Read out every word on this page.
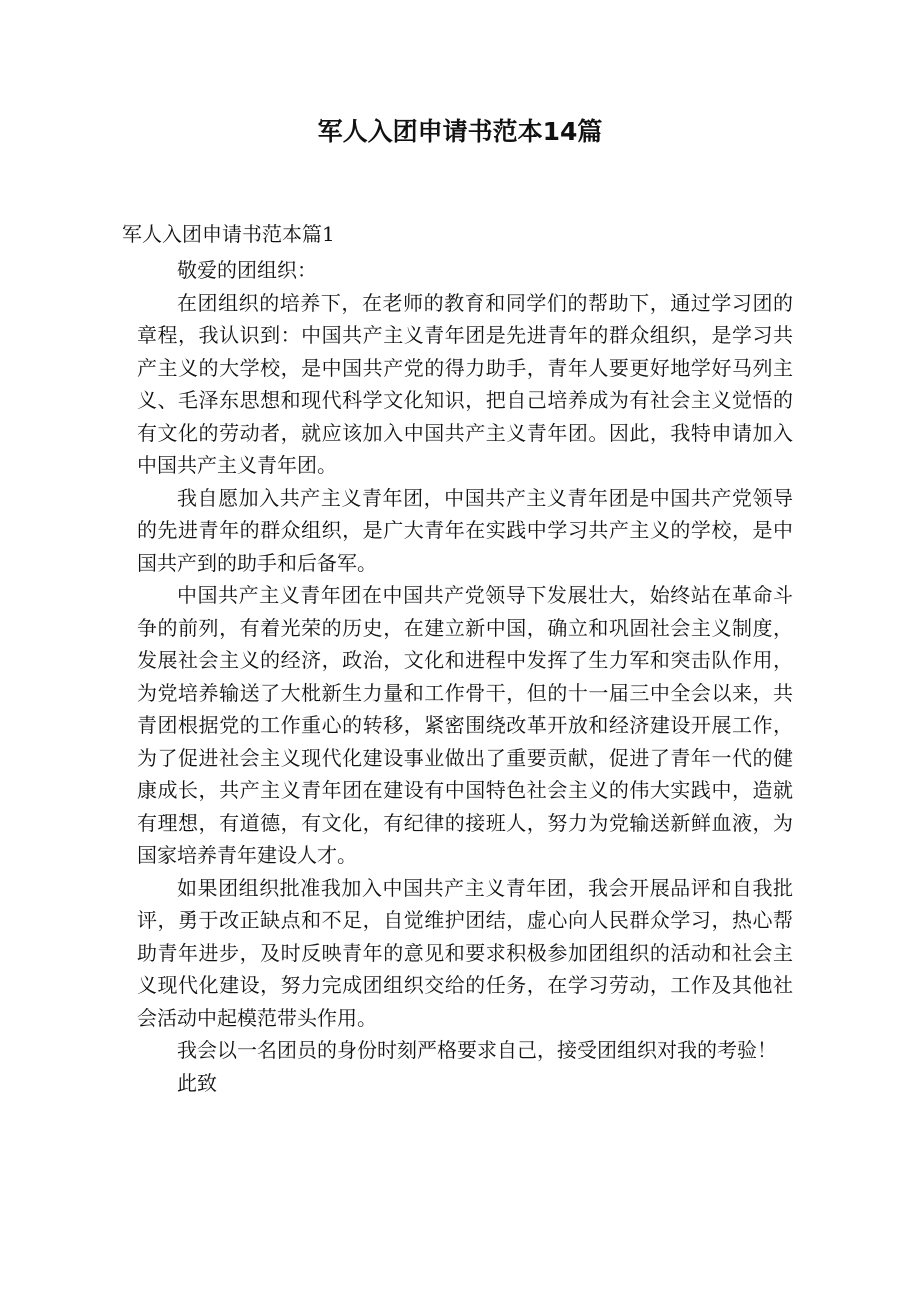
军人入团申请书范本14篇
军人入团申请书范本篇1

敬爱的团组织：

在团组织的培养下，在老师的教育和同学们的帮助下，通过学习团的章程，我认识到：中国共产主义青年团是先进青年的群众组织，是学习共产主义的大学校，是中国共产党的得力助手，青年人要更好地学好马列主义、毛泽东思想和现代科学文化知识，把自己培养成为有社会主义觉悟的有文化的劳动者，就应该加入中国共产主义青年团。因此，我特申请加入中国共产主义青年团。

我自愿加入共产主义青年团，中国共产主义青年团是中国共产党领导的先进青年的群众组织，是广大青年在实践中学习共产主义的学校，是中国共产到的助手和后备军。

中国共产主义青年团在中国共产党领导下发展壮大，始终站在革命斗争的前列，有着光荣的历史，在建立新中国，确立和巩固社会主义制度，发展社会主义的经济，政治，文化和进程中发挥了生力军和突击队作用，为党培养输送了大枇新生力量和工作骨干，但的十一届三中全会以来，共青团根据党的工作重心的转移，紧密围绕改革开放和经济建设开展工作，为了促进社会主义现代化建设事业做出了重要贡献，促进了青年一代的健康成长，共产主义青年团在建设有中国特色社会主义的伟大实践中，造就有理想，有道德，有文化，有纪律的接班人，努力为党输送新鲜血液，为国家培养青年建设人才。

如果团组织批准我加入中国共产主义青年团，我会开展品评和自我批评，勇于改正缺点和不足，自觉维护团结，虚心向人民群众学习，热心帮助青年进步，及时反映青年的意见和要求积极参加团组织的活动和社会主义现代化建设，努力完成团组织交给的任务，在学习劳动，工作及其他社会活动中起模范带头作用。

我会以一名团员的身份时刻严格要求自己，接受团组织对我的考验！

此致
